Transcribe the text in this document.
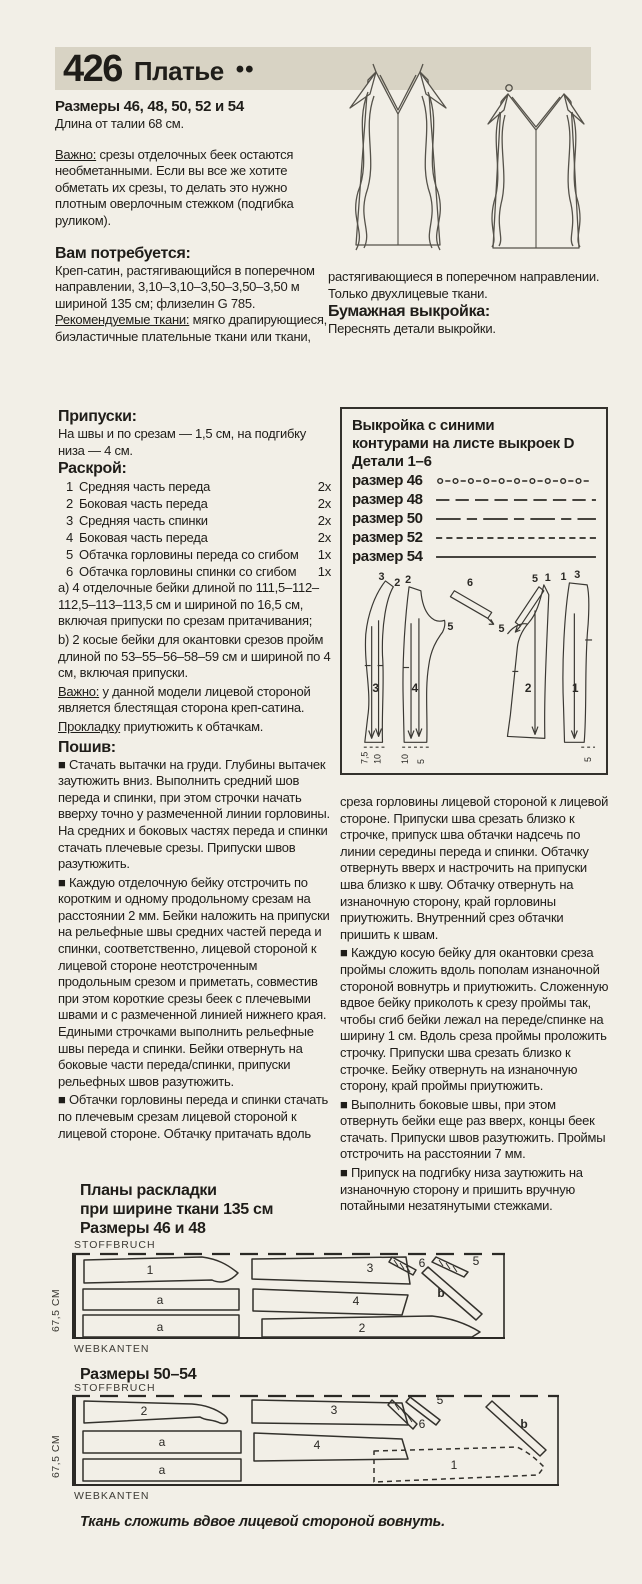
426 Платье ••

Размеры 46, 48, 50, 52 и 54

Длина от талии 68 см.

Важно: срезы отделочных беек остаются необметанными. Если вы все же хотите обметать их срезы, то делать это нужно плотным оверлочным стежком (подгибка руликом).

Вам потребуется:

Креп-сатин, растягивающийся в поперечном направлении, 3,10–3,10–3,50–3,50–3,50 м шириной 135 см; флизелин G 785.

Рекомендуемые ткани: мягко драпирующиеся, биэластичные плательные ткани или ткани,

растягивающиеся в поперечном направлении. Только двухлицевые ткани.

Бумажная выкройка:

Переснять детали выкройки.

Припуски:

На швы и по срезам — 1,5 см, на подгибку низа — 4 см.

Раскрой:

1 Средняя часть переда	2x
2 Боковая часть переда	2x
3 Средняя часть спинки	2x
4 Боковая часть переда	2x
5 Обтачка горловины переда со сгибом 1x
6 Обтачка горловины спинки со сгибом 1x

a) 4 отделочные бейки длиной по 111,5–112–112,5–113–113,5 см и шириной по 16,5 см, включая припуски по срезам притачивания;

b) 2 косые бейки для окантовки срезов пройм длиной по 53–55–56–58–59 см и шириной по 4 см, включая припуски.

Важно: у данной модели лицевой стороной является блестящая сторона креп-сатина.

Прокладку приутюжить к обтачкам.

Пошив:

■ Стачать вытачки на груди. Глубины вытачек заутюжить вниз. Выполнить средний шов переда и спинки, при этом строчки начать вверху точно у размеченной линии горловины. На средних и боковых частях переда и спинки стачать плечевые срезы. Припуски швов разутюжить.

■ Каждую отделочную бейку отстрочить по коротким и одному продольному срезам на расстоянии 2 мм. Бейки наложить на припуски на рельефные швы средних частей переда и спинки, соответственно, лицевой стороной к лицевой стороне неотстроченным продольным срезом и приметать, совместив при этом короткие срезы беек с плечевыми швами и с размеченной линией нижнего края. Едиными строчками выполнить рельефные швы переда и спинки. Бейки отвернуть на боковые части переда/спинки, припуски рельефных швов разутюжить.

■ Обтачки горловины переда и спинки стачать по плечевым срезам лицевой стороной к лицевой стороне. Обтачку притачать вдоль

Выкройка с синими

контурами на листе выкроек D

Детали 1–6

размер 46
размер 48
размер 50
размер 52
размер 54
3 2 2	6	5
5	5
1 1 3
3	4	2	1
7,5 10 10 5	5

среза горловины лицевой стороной к лицевой стороне. Припуски шва срезать близко к строчке, припуск шва обтачки надсечь по линии середины переда и спинки. Обтачку отвернуть вверх и настрочить на припуски шва близко к шву. Обтачку отвернуть на изнаночную сторону, край горловины приутюжить. Внутренний срез обтачки пришить к швам.

■ Каждую косую бейку для окантовки среза проймы сложить вдоль пополам изнаночной стороной вовнутрь и приутюжить. Сложенную вдвое бейку приколоть к срезу проймы так, чтобы сгиб бейки лежал на переде/спинке на ширину 1 см. Вдоль среза проймы проложить строчку. Припуски шва срезать близко к строчке. Бейку отвернуть на изнаночную сторону, край проймы приутюжить.

■ Выполнить боковые швы, при этом отвернуть бейки еще раз вверх, концы беек стачать. Припуски швов разутюжить. Проймы отстрочить на расстоянии 7 мм.

■ Припуск на подгибку низа заутюжить на изнаночную сторону и пришить вручную потайными незатянутыми стежками.

Планы раскладки

при ширине ткани 135 см

Размеры 46 и 48

STOFFBRUCH
1
a
a
3
4
2
6	5
b
67,5 CM
WEBKANTEN

Размеры 50–54

STOFFBRUCH
2
a
a
3
4
6
5
b
1
67,5 CM
WEBKANTEN
Ткань сложить вдвое лицевой стороной вовнуть.
